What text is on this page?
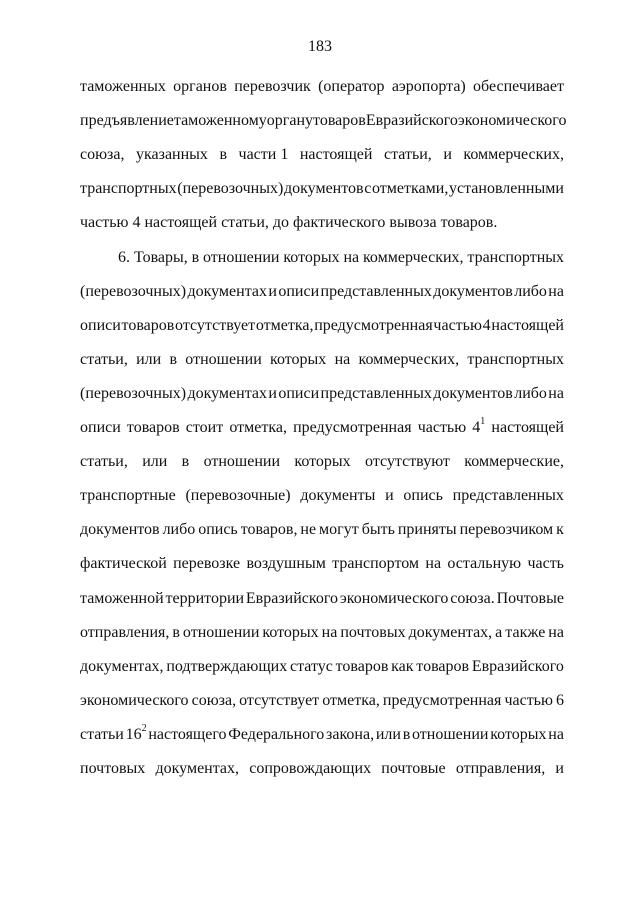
183
таможенных органов перевозчик (оператор аэропорта) обеспечивает
предъявление таможенному органу товаров Евразийского экономического
союза, указанных в части 1 настоящей статьи, и коммерческих,
транспортных (перевозочных) документов с отметками, установленными
частью 4 настоящей статьи, до фактического вывоза товаров.
6. Товары, в отношении которых на коммерческих, транспортных
(перевозочных) документах и описи представленных документов либо на
описи товаров отсутствует отметка, предусмотренная частью 4 настоящей
статьи, или в отношении которых на коммерческих, транспортных
(перевозочных) документах и описи представленных документов либо на
описи товаров стоит отметка, предусмотренная частью $4^1$ настоящей
статьи, или в отношении которых отсутствуют коммерческие,
транспортные (перевозочные) документы и опись представленных
документов либо опись товаров, не могут быть приняты перевозчиком к
фактической перевозке воздушным транспортом на остальную часть
таможенной территории Евразийского экономического союза. Почтовые
отправления, в отношении которых на почтовых документах, а также на
документах, подтверждающих статус товаров как товаров Евразийского
экономического союза, отсутствует отметка, предусмотренная частью 6
статьи $16^2$ настоящего Федерального закона, или в отношении которых на
почтовых документах, сопровождающих почтовые отправления, и
